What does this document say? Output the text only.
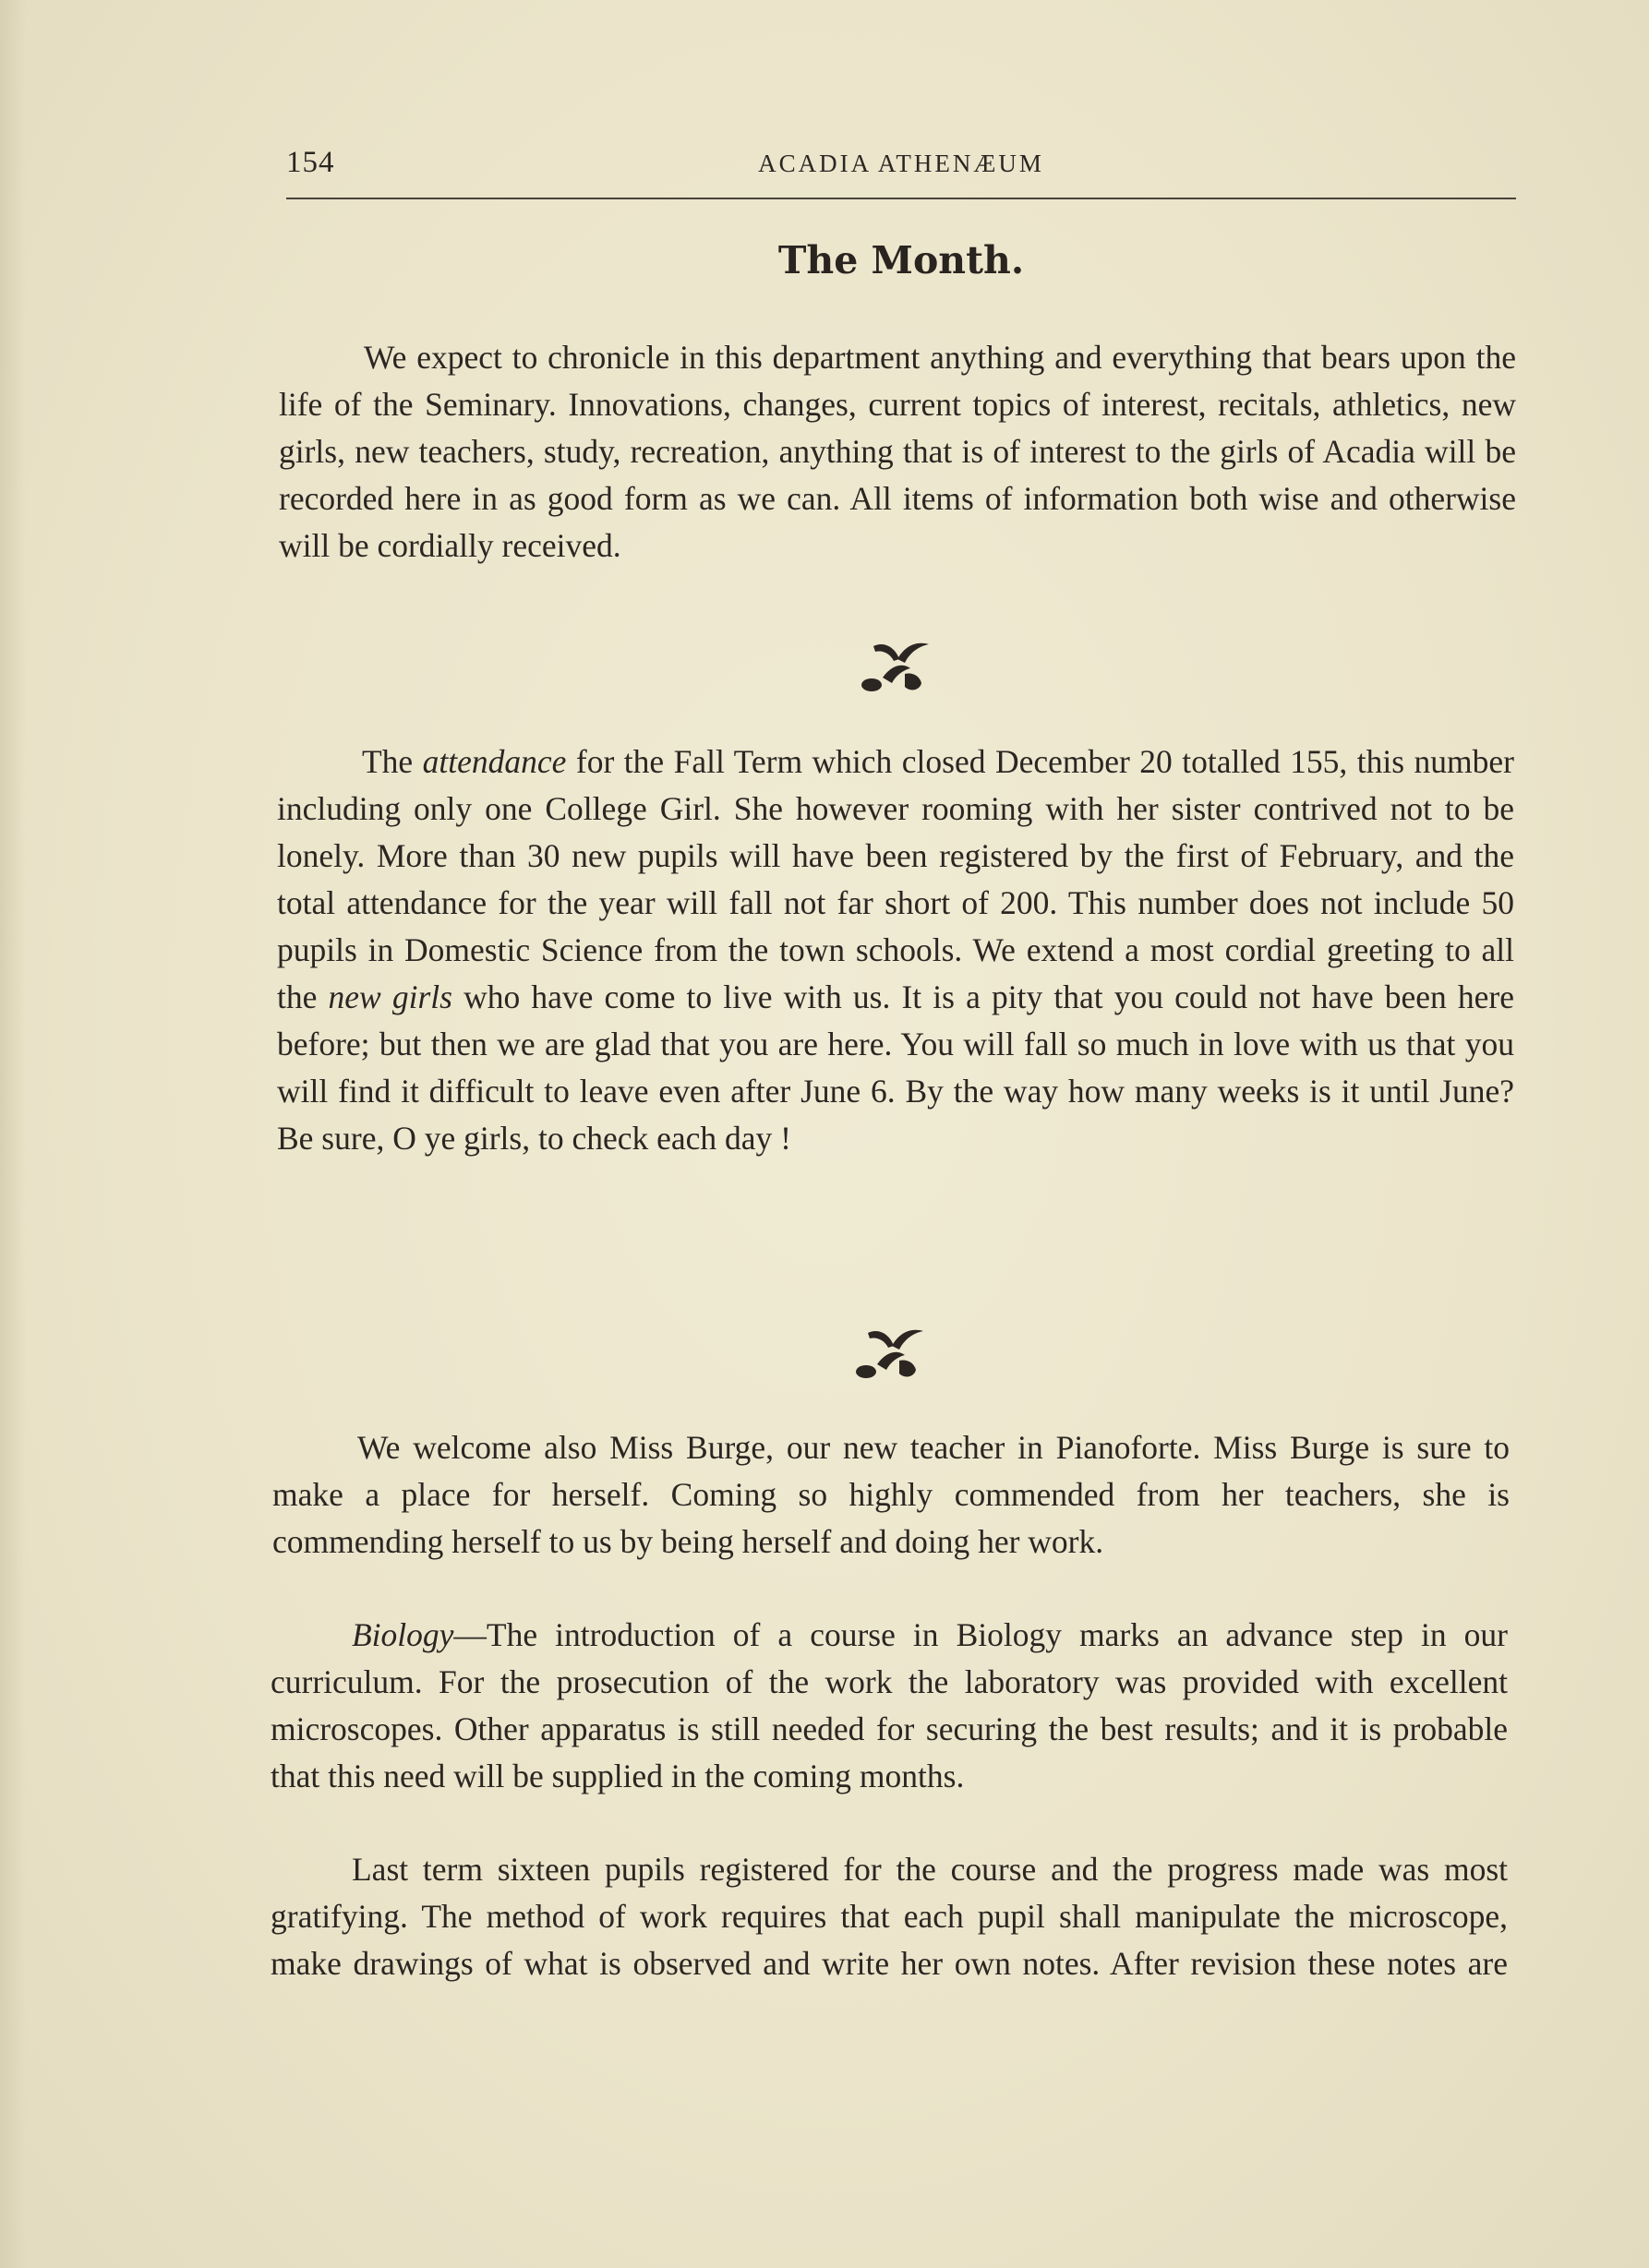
154	ACADIA ATHENÆUM
The Month.

We expect to chronicle in this department anything and everything that bears upon the life of the Seminary. Innovations, changes, current topics of interest, recitals, athletics, new girls, new teachers, study, recreation, anything that is of interest to the girls of Acadia will be recorded here in as good form as we can. All items of information both wise and otherwise will be cordially received.

The attendance for the Fall Term which closed December 20 totalled 155, this number including only one College Girl. She however rooming with her sister contrived not to be lonely. More than 30 new pupils will have been registered by the first of February, and the total attendance for the year will fall not far short of 200. This number does not include 50 pupils in Domestic Science from the town schools. We extend a most cordial greeting to all the new girls who have come to live with us. It is a pity that you could not have been here before; but then we are glad that you are here. You will fall so much in love with us that you will find it difficult to leave even after June 6. By the way how many weeks is it until June? Be sure, O ye girls, to check each day !

We welcome also Miss Burge, our new teacher in Pianoforte. Miss Burge is sure to make a place for herself. Coming so highly commended from her teachers, she is commending herself to us by being herself and doing her work.

Biology—The introduction of a course in Biology marks an advance step in our curriculum. For the prosecution of the work the laboratory was provided with excellent microscopes. Other apparatus is still needed for securing the best results; and it is probable that this need will be supplied in the coming months.

Last term sixteen pupils registered for the course and the progress made was most gratifying. The method of work requires that each pupil shall manipulate the microscope, make drawings of what is observed and write her own notes. After revision these notes are
